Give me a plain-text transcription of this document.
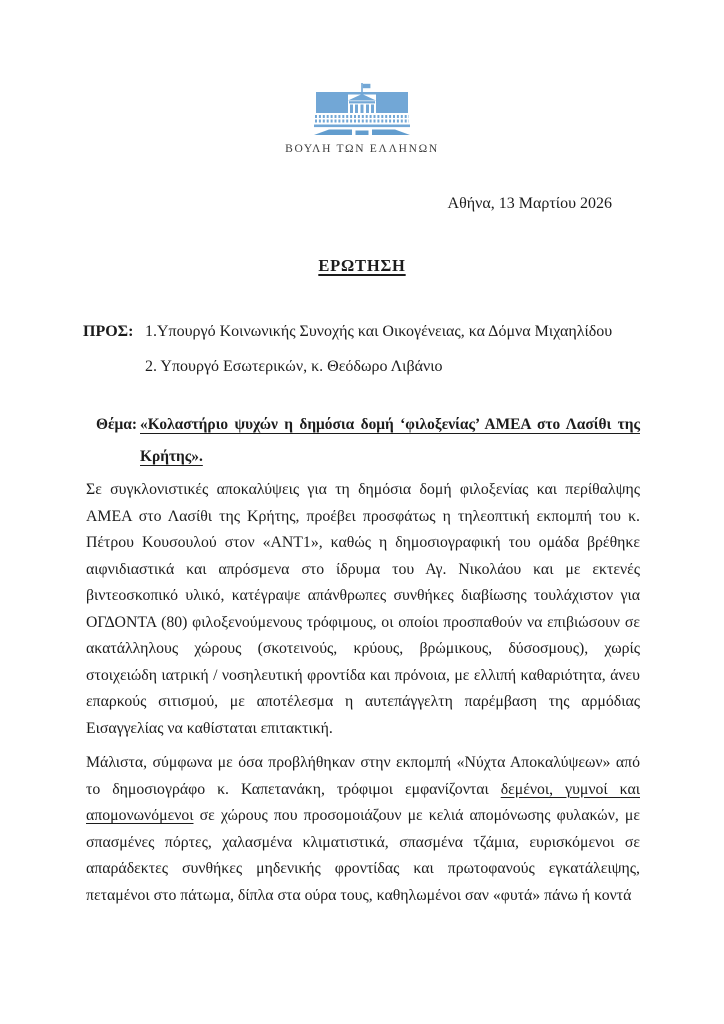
ΒΟΥΛΗ ΤΩΝ ΕΛΛΗΝΩΝ
Αθήνα, 13 Μαρτίου 2026
ΕΡΩΤΗΣΗ
ΠΡΟΣ: 1.Υπουργό Κοινωνικής Συνοχής και Οικογένειας, κα Δόμνα Μιχαηλίδου
2. Υπουργό Εσωτερικών, κ. Θεόδωρο Λιβάνιο
Θέμα: «Κολαστήριο ψυχών η δημόσια δομή ‘φιλοξενίας’ ΑΜΕΑ στο Λασίθι της Κρήτης».

Σε συγκλονιστικές αποκαλύψεις για τη δημόσια δομή φιλοξενίας και περίθαλψης ΑΜΕΑ στο Λασίθι της Κρήτης, προέβει προσφάτως η τηλεοπτική εκπομπή του κ. Πέτρου Κουσουλού στον «ΑΝΤ1», καθώς η δημοσιογραφική του ομάδα βρέθηκε αιφνιδιαστικά και απρόσμενα στο ίδρυμα του Αγ. Νικολάου και με εκτενές βιντεοσκοπικό υλικό, κατέγραψε απάνθρωπες συνθήκες διαβίωσης τουλάχιστον για ΟΓΔΟΝΤΑ (80) φιλοξενούμενους τρόφιμους, οι οποίοι προσπαθούν να επιβιώσουν σε ακατάλληλους χώρους (σκοτεινούς, κρύους, βρώμικους, δύσοσμους), χωρίς στοιχειώδη ιατρική / νοσηλευτική φροντίδα και πρόνοια, με ελλιπή καθαριότητα, άνευ επαρκούς σιτισμού, με αποτέλεσμα η αυτεπάγγελτη παρέμβαση της αρμόδιας Εισαγγελίας να καθίσταται επιτακτική.

Μάλιστα, σύμφωνα με όσα προβλήθηκαν στην εκπομπή «Νύχτα Αποκαλύψεων» από το δημοσιογράφο κ. Καπετανάκη, τρόφιμοι εμφανίζονται δεμένοι, γυμνοί και απομονωνόμενοι σε χώρους που προσομοιάζουν με κελιά απομόνωσης φυλακών, με σπασμένες πόρτες, χαλασμένα κλιματιστικά, σπασμένα τζάμια, ευρισκόμενοι σε απαράδεκτες συνθήκες μηδενικής φροντίδας και πρωτοφανούς εγκατάλειψης, πεταμένοι στο πάτωμα, δίπλα στα ούρα τους, καθηλωμένοι σαν «φυτά» πάνω ή κοντά
